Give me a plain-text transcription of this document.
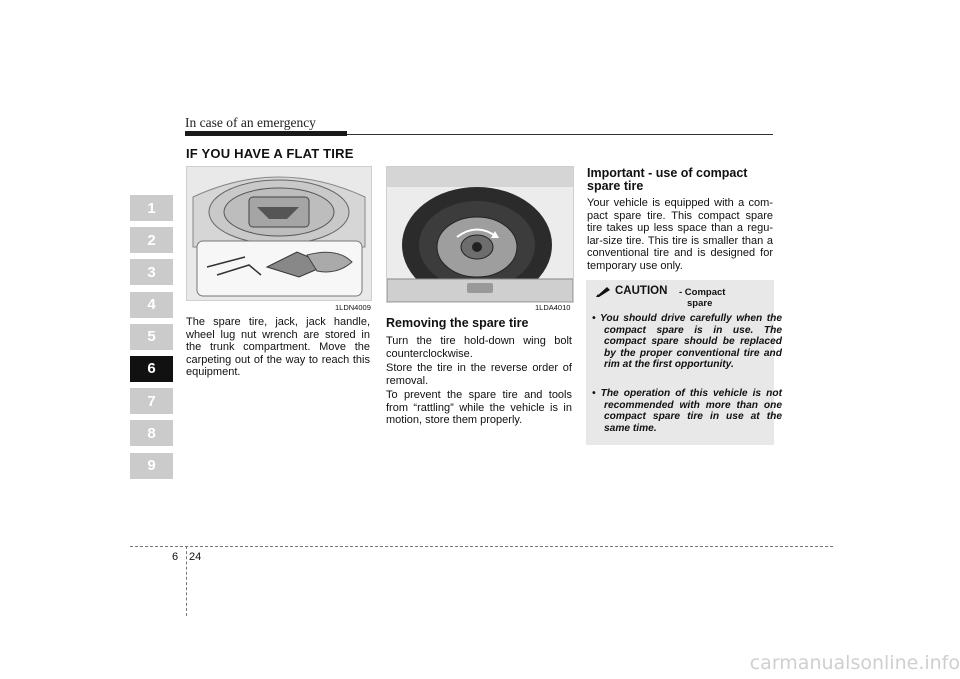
In case of an emergency
1
2
3
4
5
6
7
8
9
IF YOU HAVE A FLAT TIRE
1LDN4009
The spare tire, jack, jack handle, wheel lug nut wrench are stored in the trunk compartment. Move the carpeting out of the way to reach this equipment.
1LDA4010
Removing the spare tire
Turn the tire hold-down wing bolt counterclockwise.
Store the tire in the reverse order of removal.
To prevent the spare tire and tools from “rattling” while the vehicle is in motion, store them properly.
Important - use of compact spare tire
Your vehicle is equipped with a com-pact spare tire. This compact spare tire takes up less space than a regu-lar-size tire. This tire is smaller than a conventional tire and is designed for temporary use only.
CAUTION - Compact
spare
• You should drive carefully when the compact spare is in use. The compact spare should be replaced by the proper conventional tire and rim at the first opportunity.
• The operation of this vehicle is not recommended with more than one compact spare tire in use at the same time.
6 24
carmanualsonline.info
